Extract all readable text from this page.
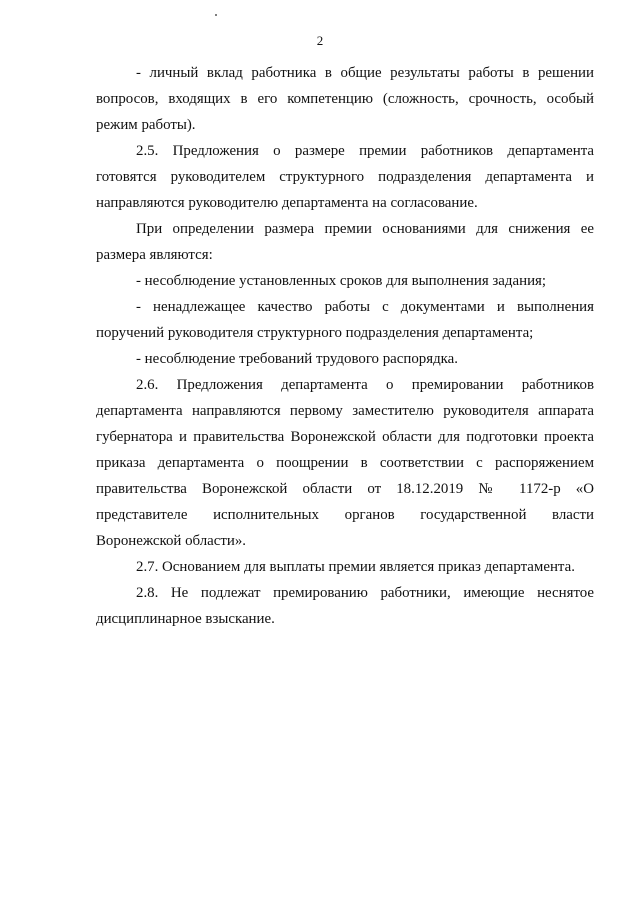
2

- личный вклад работника в общие результаты работы в решении вопросов, входящих в его компетенцию (сложность, срочность, особый режим работы).

2.5. Предложения о размере премии работников департамента готовятся руководителем структурного подразделения департамента и направляются руководителю департамента на согласование.

При определении размера премии основаниями для снижения ее размера являются:

- несоблюдение установленных сроков для выполнения задания;

- ненадлежащее качество работы с документами и выполнения поручений руководителя структурного подразделения департамента;

- несоблюдение требований трудового распорядка.

2.6. Предложения департамента о премировании работников департамента направляются первому заместителю руководителя аппарата губернатора и правительства Воронежской области для подготовки проекта приказа департамента о поощрении в соответствии с распоряжением правительства Воронежской области от 18.12.2019 № 1172-р «О представителе исполнительных органов государственной власти Воронежской области».

2.7. Основанием для выплаты премии является приказ департамента.

2.8. Не подлежат премированию работники, имеющие неснятое дисциплинарное взыскание.
